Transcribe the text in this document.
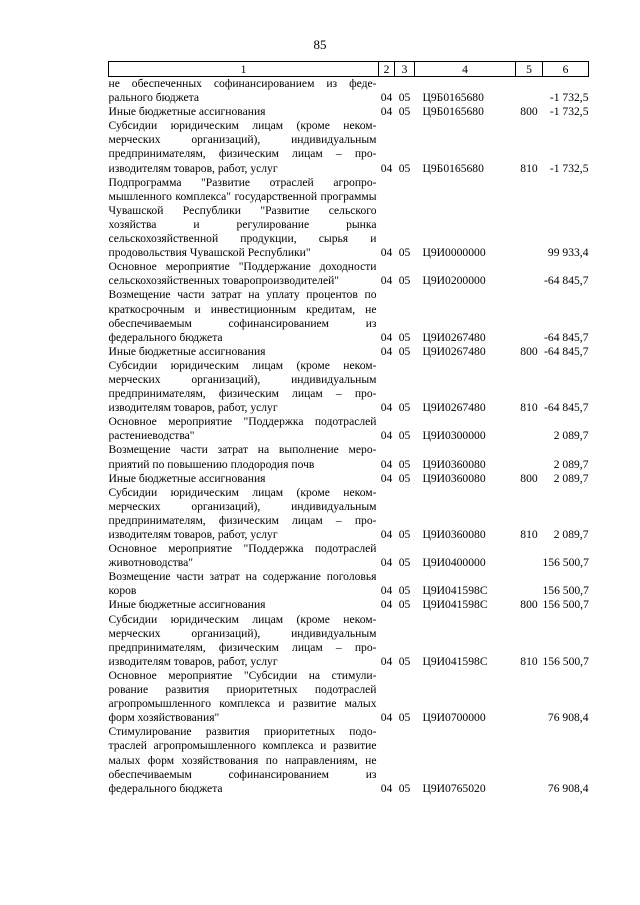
85
1	2	3	4	5	6
не обеспеченных софинансированием из федерального бюджета	04	05	Ц9Б0165680		-1 732,5
Иные бюджетные ассигнования	04	05	Ц9Б0165680	800	-1 732,5
Субсидии юридическим лицам (кроме некоммерческих организаций), индивидуальным предпринимателям, физическим лицам – производителям товаров, работ, услуг	04	05	Ц9Б0165680	810	-1 732,5
Подпрограмма "Развитие отраслей агропромышленного комплекса" государственной программы Чувашской Республики "Развитие сельского хозяйства и регулирование рынка сельскохозяйственной продукции, сырья и продовольствия Чувашской Республики"	04	05	Ц9И0000000		99 933,4
Основное мероприятие "Поддержание доходности сельскохозяйственных товаропроизводителей"	04	05	Ц9И0200000		-64 845,7
Возмещение части затрат на уплату процентов по краткосрочным и инвестиционным кредитам, не обеспечиваемым софинансированием из федерального бюджета	04	05	Ц9И0267480		-64 845,7
Иные бюджетные ассигнования	04	05	Ц9И0267480	800	-64 845,7
Субсидии юридическим лицам (кроме некоммерческих организаций), индивидуальным предпринимателям, физическим лицам – производителям товаров, работ, услуг	04	05	Ц9И0267480	810	-64 845,7
Основное мероприятие "Поддержка подотраслей растениеводства"	04	05	Ц9И0300000		2 089,7
Возмещение части затрат на выполнение мероприятий по повышению плодородия почв	04	05	Ц9И0360080		2 089,7
Иные бюджетные ассигнования	04	05	Ц9И0360080	800	2 089,7
Субсидии юридическим лицам (кроме некоммерческих организаций), индивидуальным предпринимателям, физическим лицам – производителям товаров, работ, услуг	04	05	Ц9И0360080	810	2 089,7
Основное мероприятие "Поддержка подотраслей животноводства"	04	05	Ц9И0400000		156 500,7
Возмещение части затрат на содержание поголовья коров	04	05	Ц9И041598С		156 500,7
Иные бюджетные ассигнования	04	05	Ц9И041598С	800	156 500,7
Субсидии юридическим лицам (кроме некоммерческих организаций), индивидуальным предпринимателям, физическим лицам – производителям товаров, работ, услуг	04	05	Ц9И041598С	810	156 500,7
Основное мероприятие "Субсидии на стимулирование развития приоритетных подотраслей агропромышленного комплекса и развитие малых форм хозяйствования"	04	05	Ц9И0700000		76 908,4
Стимулирование развития приоритетных подотраслей агропромышленного комплекса и развитие малых форм хозяйствования по направлениям, не обеспечиваемым софинансированием из федерального бюджета	04	05	Ц9И0765020		76 908,4
